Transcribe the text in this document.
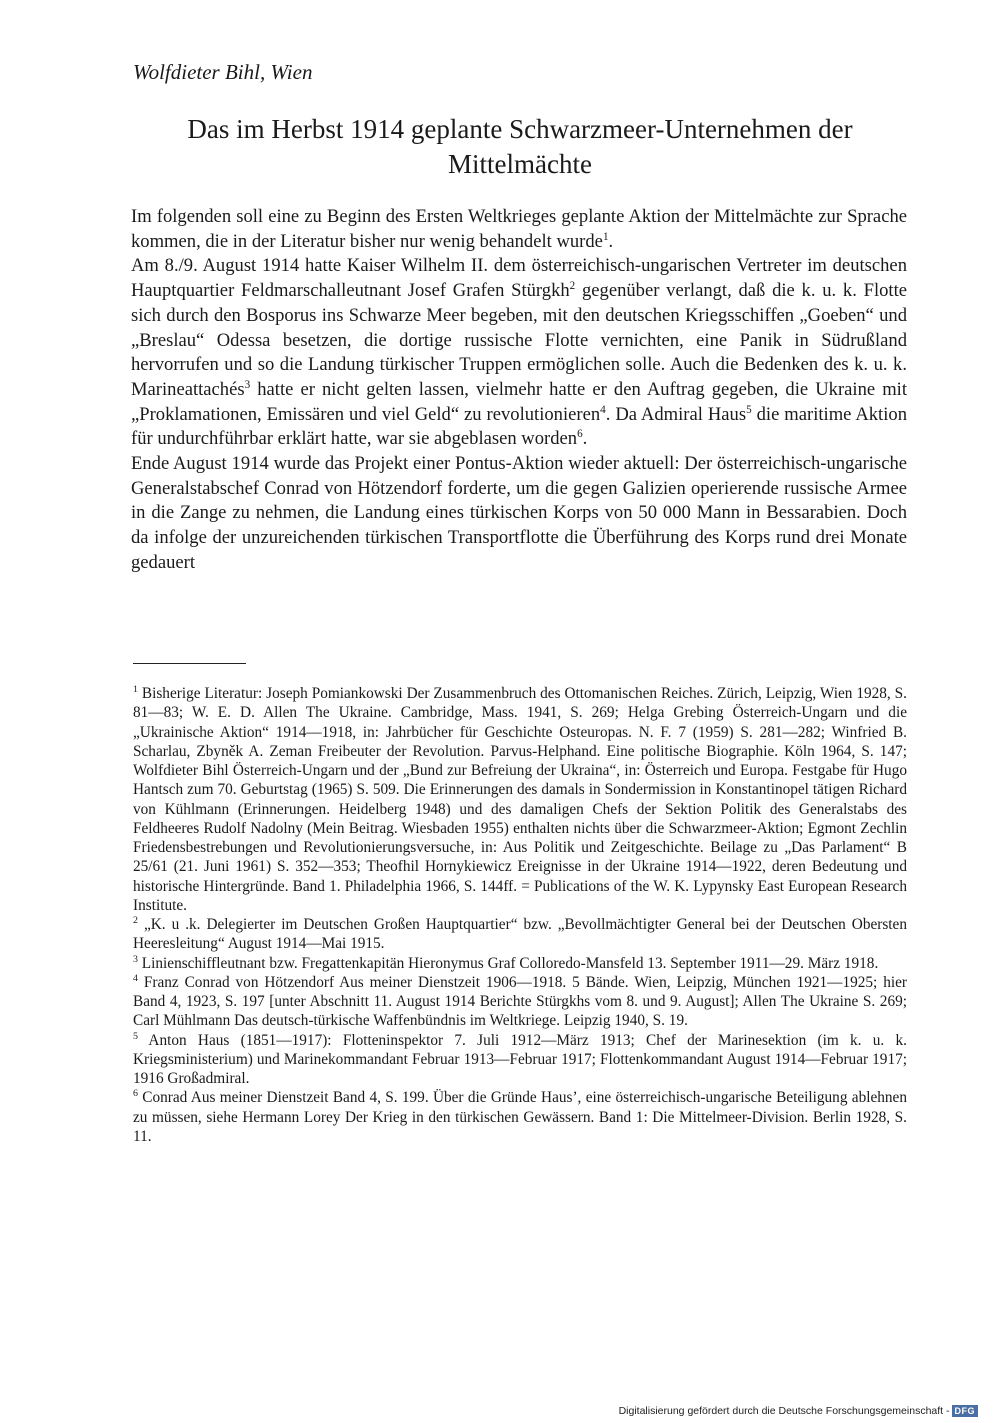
Wolfdieter Bihl, Wien
Das im Herbst 1914 geplante Schwarzmeer-Unternehmen der Mittelmächte

Im folgenden soll eine zu Beginn des Ersten Weltkrieges geplante Aktion der Mittelmächte zur Sprache kommen, die in der Literatur bisher nur wenig behandelt wurde$^1$.

Am 8./9. August 1914 hatte Kaiser Wilhelm II. dem österreichisch-ungarischen Vertreter im deutschen Hauptquartier Feldmarschalleutnant Josef Grafen Stürgkh$^2$ gegenüber verlangt, daß die k. u. k. Flotte sich durch den Bosporus ins Schwarze Meer begeben, mit den deutschen Kriegsschiffen „Goeben“ und „Breslau“ Odessa besetzen, die dortige russische Flotte vernichten, eine Panik in Südrußland hervorrufen und so die Landung türkischer Truppen ermöglichen solle. Auch die Bedenken des k. u. k. Marineattachés$^3$ hatte er nicht gelten lassen, vielmehr hatte er den Auftrag gegeben, die Ukraine mit „Proklamationen, Emissären und viel Geld“ zu revolutionieren$^4$. Da Admiral Haus$^5$ die maritime Aktion für undurchführbar erklärt hatte, war sie abgeblasen worden$^6$.

Ende August 1914 wurde das Projekt einer Pontus-Aktion wieder aktuell: Der österreichisch-ungarische Generalstabschef Conrad von Hötzendorf forderte, um die gegen Galizien operierende russische Armee in die Zange zu nehmen, die Landung eines türkischen Korps von 50 000 Mann in Bessarabien. Doch da infolge der unzureichenden türkischen Transportflotte die Überführung des Korps rund drei Monate gedauert

$^1$ Bisherige Literatur: Joseph Pomiankowski Der Zusammenbruch des Ottomanischen Reiches. Zürich, Leipzig, Wien 1928, S. 81—83; W. E. D. Allen The Ukraine. Cambridge, Mass. 1941, S. 269; Helga Grebing Österreich-Ungarn und die „Ukrainische Aktion“ 1914—1918, in: Jahrbücher für Geschichte Osteuropas. N. F. 7 (1959) S. 281—282; Winfried B. Scharlau, Zbyněk A. Zeman Freibeuter der Revolution. Parvus-Helphand. Eine politische Biographie. Köln 1964, S. 147; Wolfdieter Bihl Österreich-Ungarn und der „Bund zur Befreiung der Ukraina“, in: Österreich und Europa. Festgabe für Hugo Hantsch zum 70. Geburtstag (1965) S. 509. Die Erinnerungen des damals in Sondermission in Konstantinopel tätigen Richard von Kühlmann (Erinnerungen. Heidelberg 1948) und des damaligen Chefs der Sektion Politik des Generalstabs des Feldheeres Rudolf Nadolny (Mein Beitrag. Wiesbaden 1955) enthalten nichts über die Schwarzmeer-Aktion; Egmont Zechlin Friedensbestrebungen und Revolutionierungsversuche, in: Aus Politik und Zeitgeschichte. Beilage zu „Das Parlament“ B 25/61 (21. Juni 1961) S. 352—353; Theofhil Hornykiewicz Ereignisse in der Ukraine 1914—1922, deren Bedeutung und historische Hintergründe. Band 1. Philadelphia 1966, S. 144ff. = Publications of the W. K. Lypynsky East European Research Institute.

$^2$ „K. u .k. Delegierter im Deutschen Großen Hauptquartier“ bzw. „Bevollmächtigter General bei der Deutschen Obersten Heeresleitung“ August 1914—Mai 1915.

$^3$ Linienschiffleutnant bzw. Fregattenkapitän Hieronymus Graf Colloredo-Mansfeld 13. September 1911—29. März 1918.

$^4$ Franz Conrad von Hötzendorf Aus meiner Dienstzeit 1906—1918. 5 Bände. Wien, Leipzig, München 1921—1925; hier Band 4, 1923, S. 197 [unter Abschnitt 11. August 1914 Berichte Stürgkhs vom 8. und 9. August]; Allen The Ukraine S. 269; Carl Mühlmann Das deutsch-türkische Waffenbündnis im Weltkriege. Leipzig 1940, S. 19.

$^5$ Anton Haus (1851—1917): Flotteninspektor 7. Juli 1912—März 1913; Chef der Marinesektion (im k. u. k. Kriegsministerium) und Marinekommandant Februar 1913—Februar 1917; Flottenkommandant August 1914—Februar 1917; 1916 Großadmiral.

$^6$ Conrad Aus meiner Dienstzeit Band 4, S. 199. Über die Gründe Haus’, eine österreichisch-ungarische Beteiligung ablehnen zu müssen, siehe Hermann Lorey Der Krieg in den türkischen Gewässern. Band 1: Die Mittelmeer-Division. Berlin 1928, S. 11.

Digitalisierung gefördert durch die Deutsche Forschungsgemeinschaft - DFG
